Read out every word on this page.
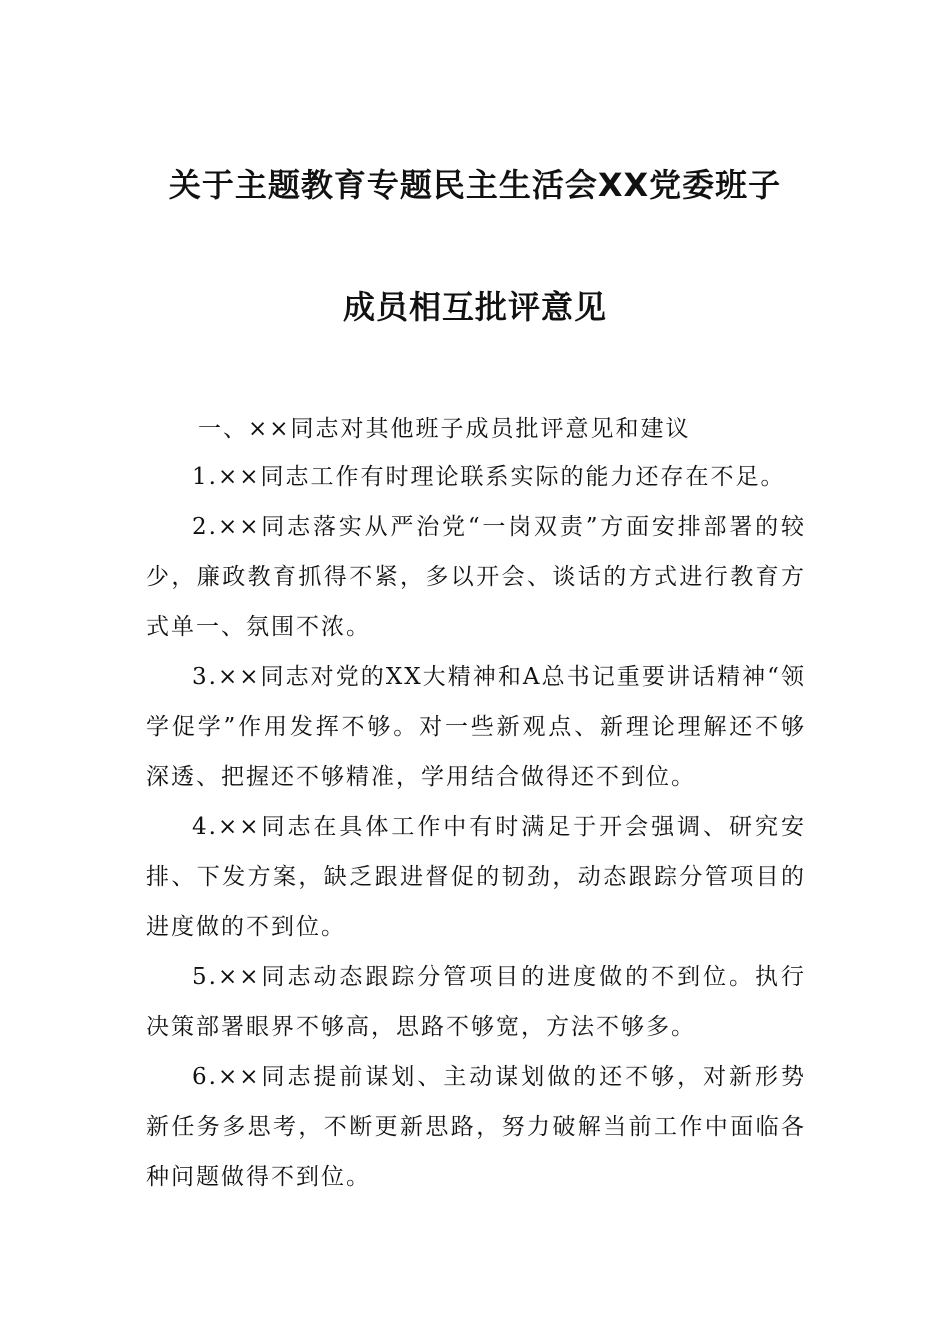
关于主题教育专题民主生活会XX党委班子
成员相互批评意见
一、××同志对其他班子成员批评意见和建议

1.××同志工作有时理论联系实际的能力还存在不足。

2.××同志落实从严治党“一岗双责”方面安排部署的较少，廉政教育抓得不紧，多以开会、谈话的方式进行教育方式单一、氛围不浓。

3.××同志对党的XX大精神和A总书记重要讲话精神“领学促学”作用发挥不够。对一些新观点、新理论理解还不够深透、把握还不够精准，学用结合做得还不到位。

4.××同志在具体工作中有时满足于开会强调、研究安排、下发方案，缺乏跟进督促的韧劲，动态跟踪分管项目的进度做的不到位。

5.××同志动态跟踪分管项目的进度做的不到位。执行决策部署眼界不够高，思路不够宽，方法不够多。

6.××同志提前谋划、主动谋划做的还不够，对新形势新任务多思考，不断更新思路，努力破解当前工作中面临各种问题做得不到位。
